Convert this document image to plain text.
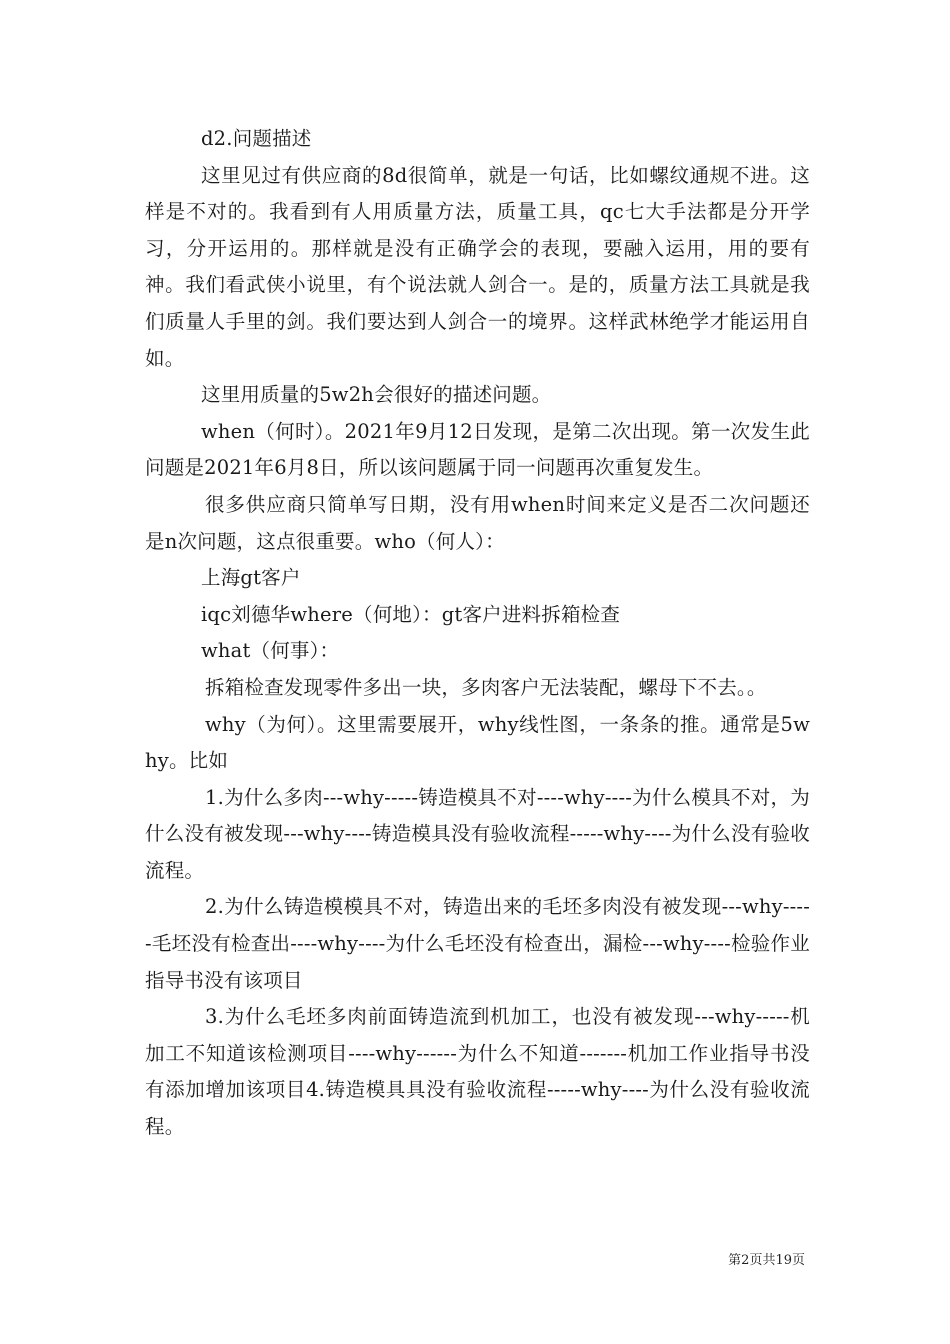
d2.问题描述

这里见过有供应商的8d很简单，就是一句话，比如螺纹通规不进。这样是不对的。我看到有人用质量方法，质量工具，qc七大手法都是分开学习，分开运用的。那样就是没有正确学会的表现，要融入运用，用的要有神。我们看武侠小说里，有个说法就人剑合一。是的，质量方法工具就是我们质量人手里的剑。我们要达到人剑合一的境界。这样武林绝学才能运用自如。

这里用质量的5w2h会很好的描述问题。

when（何时）。2021年9月12日发现，是第二次出现。第一次发生此问题是2021年6月8日，所以该问题属于同一问题再次重复发生。

很多供应商只简单写日期，没有用when时间来定义是否二次问题还是n次问题，这点很重要。who（何人）：

上海gt客户

iqc刘德华where（何地）：gt客户进料拆箱检查

what（何事）：

拆箱检查发现零件多出一块，多肉客户无法装配，螺母下不去。。

why（为何）。这里需要展开，why线性图，一条条的推。通常是5why。比如

1.为什么多肉---why-----铸造模具不对----why----为什么模具不对，为什么没有被发现---why----铸造模具没有验收流程-----why----为什么没有验收流程。

2.为什么铸造模模具不对，铸造出来的毛坯多肉没有被发现---why-----毛坯没有检查出----why----为什么毛坯没有检查出，漏检---why----检验作业指导书没有该项目

3.为什么毛坯多肉前面铸造流到机加工，也没有被发现---why-----机加工不知道该检测项目----why------为什么不知道-------机加工作业指导书没有添加增加该项目4.铸造模具具没有验收流程-----why----为什么没有验收流程。

第2页共19页
